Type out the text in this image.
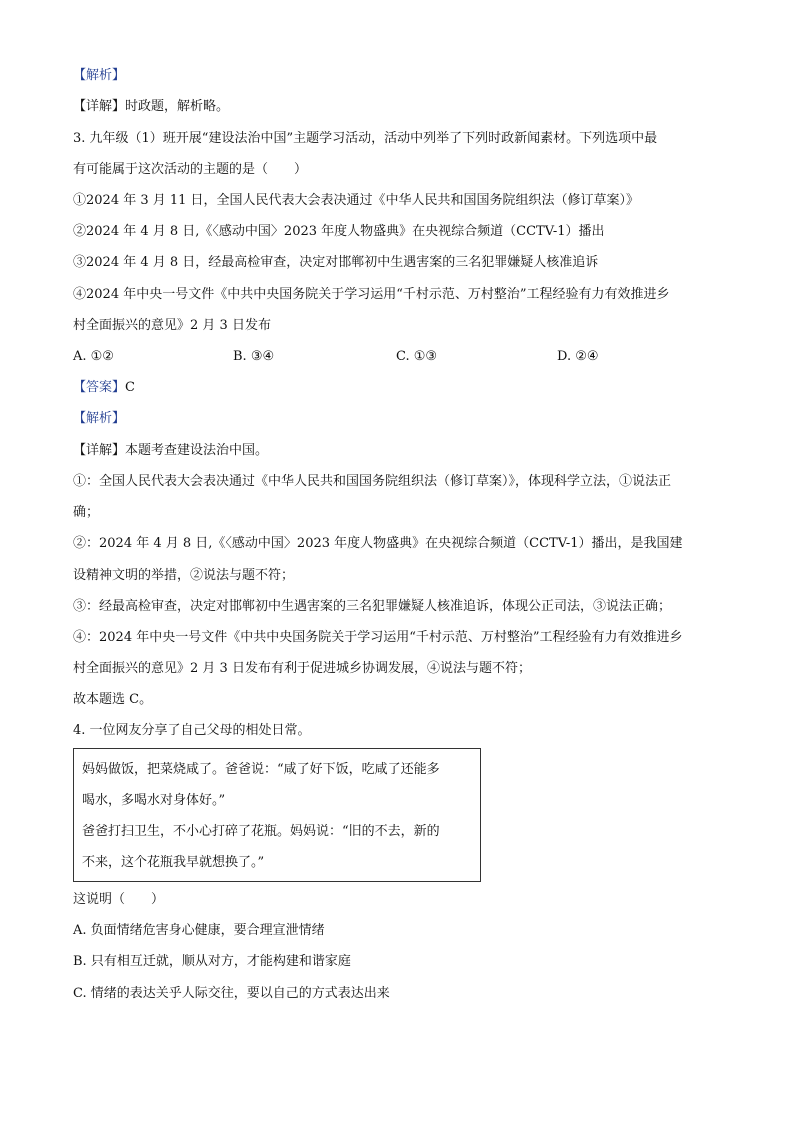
【解析】
【详解】时政题，解析略。
3. 九年级（1）班开展“建设法治中国”主题学习活动，活动中列举了下列时政新闻素材。下列选项中最
有可能属于这次活动的主题的是（　　）
①2024 年 3 月 11 日，全国人民代表大会表决通过《中华人民共和国国务院组织法（修订草案）》
②2024 年 4 月 8 日,《〈感动中国〉2023 年度人物盛典》在央视综合频道（CCTV-1）播出
③2024 年 4 月 8 日，经最高检审查，决定对邯郸初中生遇害案的三名犯罪嫌疑人核准追诉
④2024 年中央一号文件《中共中央国务院关于学习运用“千村示范、万村整治”工程经验有力有效推进乡
村全面振兴的意见》2 月 3 日发布
A. ①②	B. ③④	C. ①③	D. ②④
【答案】C
【解析】
【详解】本题考查建设法治中国。
①：全国人民代表大会表决通过《中华人民共和国国务院组织法（修订草案）》，体现科学立法，①说法正
确；
②：2024 年 4 月 8 日,《〈感动中国〉2023 年度人物盛典》在央视综合频道（CCTV-1）播出，是我国建
设精神文明的举措，②说法与题不符；
③：经最高检审查，决定对邯郸初中生遇害案的三名犯罪嫌疑人核准追诉，体现公正司法，③说法正确；
④：2024 年中央一号文件《中共中央国务院关于学习运用“千村示范、万村整治”工程经验有力有效推进乡
村全面振兴的意见》2 月 3 日发布有利于促进城乡协调发展，④说法与题不符；
故本题选 C。
4. 一位网友分享了自己父母的相处日常。
妈妈做饭，把菜烧咸了。爸爸说：“咸了好下饭，吃咸了还能多
喝水，多喝水对身体好。”
爸爸打扫卫生，不小心打碎了花瓶。妈妈说：“旧的不去，新的
不来，这个花瓶我早就想换了。”
这说明（　　）
A. 负面情绪危害身心健康，要合理宣泄情绪
B. 只有相互迁就，顺从对方，才能构建和谐家庭
C. 情绪的表达关乎人际交往，要以自己的方式表达出来
